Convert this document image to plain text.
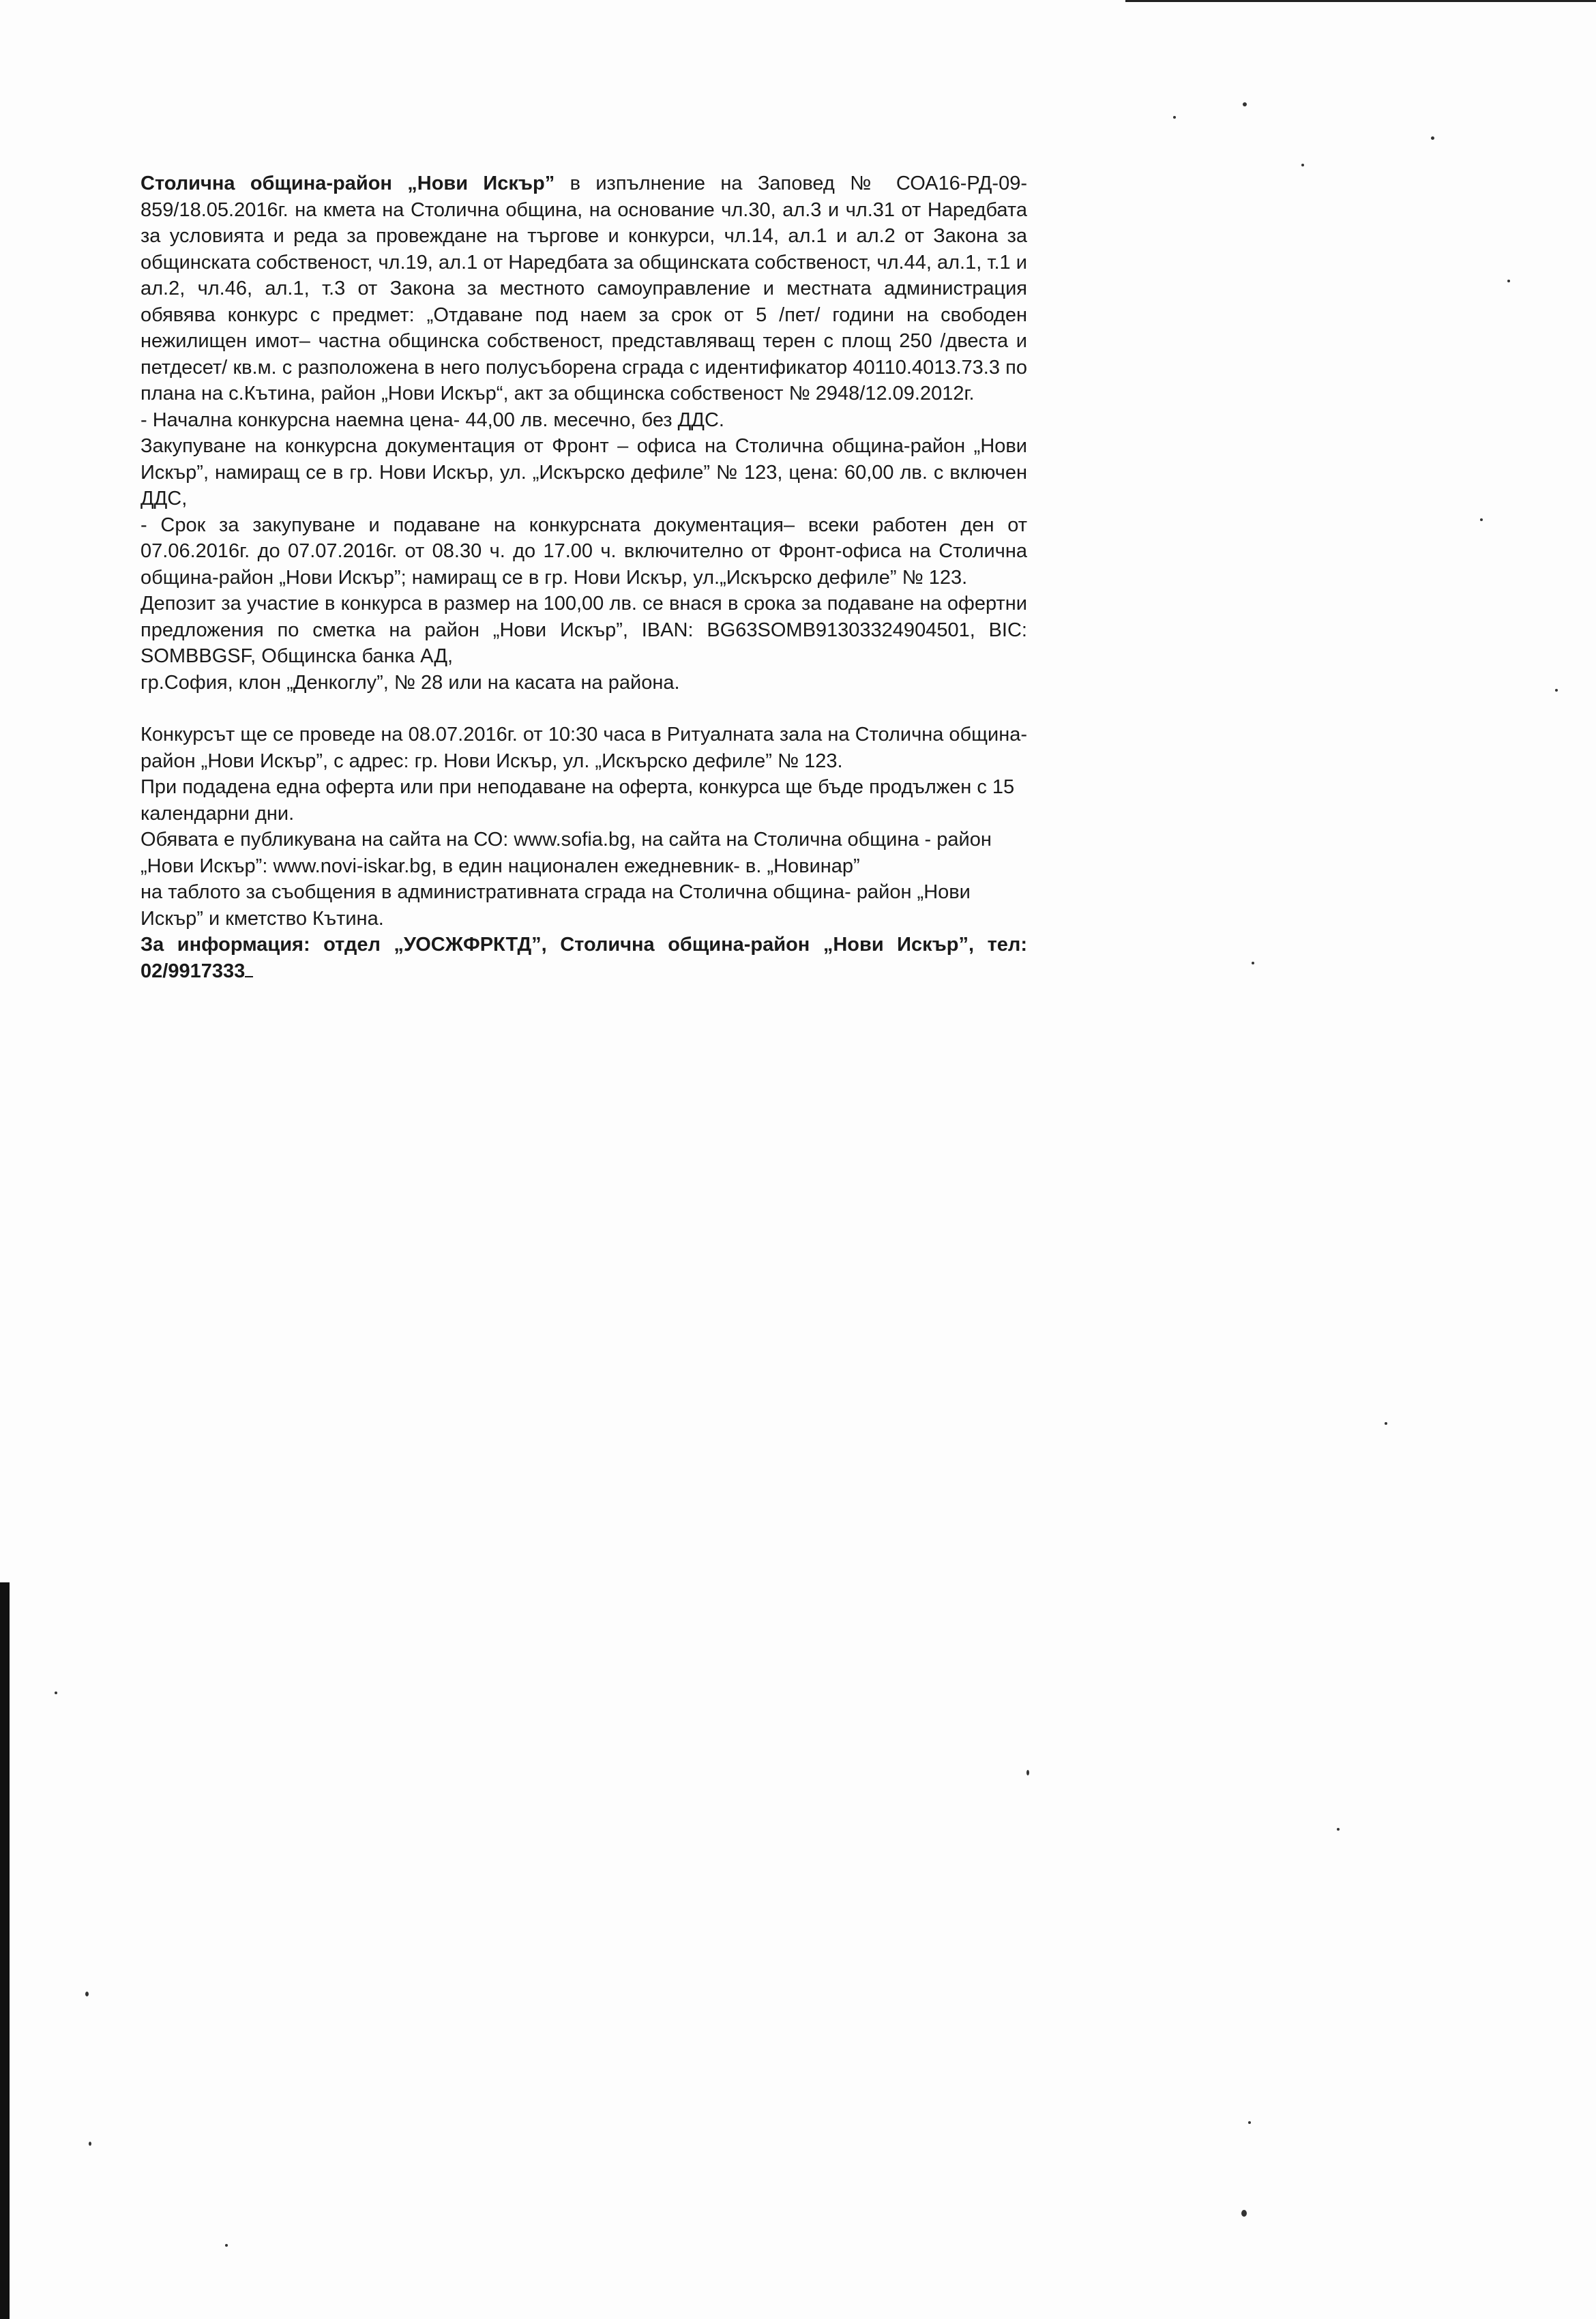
Столична община-район „Нови Искър” в изпълнение на Заповед № СОА16-РД-09-859/18.05.2016г. на кмета на Столична община, на основание чл.30, ал.3 и чл.31 от Наредбата за условията и реда за провеждане на търгове и конкурси, чл.14, ал.1 и ал.2 от Закона за общинската собственост, чл.19, ал.1 от Наредбата за общинската собственост, чл.44, ал.1, т.1 и ал.2, чл.46, ал.1, т.3 от Закона за местното самоуправление и местната администрация обявява конкурс с предмет: „Отдаване под наем за срок от 5 /пет/ години на свободен нежилищен имот– частна общинска собственост, представляващ терен с площ 250 /двеста и петдесет/ кв.м. с разположена в него полусъборена сграда с идентификатор 40110.4013.73.3 по плана на с.Кътина, район „Нови Искър“, акт за общинска собственост № 2948/12.09.2012г.

- Начална конкурсна наемна цена- 44,00 лв. месечно, без ДДС.

Закупуване на конкурсна документация от Фронт – офиса на Столична община-район „Нови Искър”, намиращ се в гр. Нови Искър, ул. „Искърско дефиле” № 123, цена: 60,00 лв. с включен ДДС,

- Срок за закупуване и подаване на конкурсната документация– всеки работен ден от 07.06.2016г. до 07.07.2016г. от 08.30 ч. до 17.00 ч. включително от Фронт-офиса на Столична община-район „Нови Искър”; намиращ се в гр. Нови Искър, ул.„Искърско дефиле” № 123.

Депозит за участие в конкурса в размер на 100,00 лв. се внася в срока за подаване на офертни предложения по сметка на район „Нови Искър”, IBAN: BG63SOMB91303324904501, BIC: SOMBBGSF, Общинска банка АД,

гр.София, клон „Денкоглу”, № 28 или на касата на района.

Конкурсът ще се проведе на 08.07.2016г. от 10:30 часа в Ритуалната зала на Столична община- район „Нови Искър”, с адрес: гр. Нови Искър, ул. „Искърско дефиле” № 123.

При подадена една оферта или при неподаване на оферта, конкурса ще бъде продължен с 15 календарни дни.

Обявата е публикувана на сайта на СО: www.sofia.bg, на сайта на Столична община - район

„Нови Искър”: www.novi-iskar.bg, в един национален ежедневник- в. „Новинар”

на таблото за съобщения в административната сграда на Столична община- район „Нови Искър” и кметство Кътина.

За информация: отдел „УОСЖФРКТД”, Столична община-район „Нови Искър”, тел: 02/9917333
